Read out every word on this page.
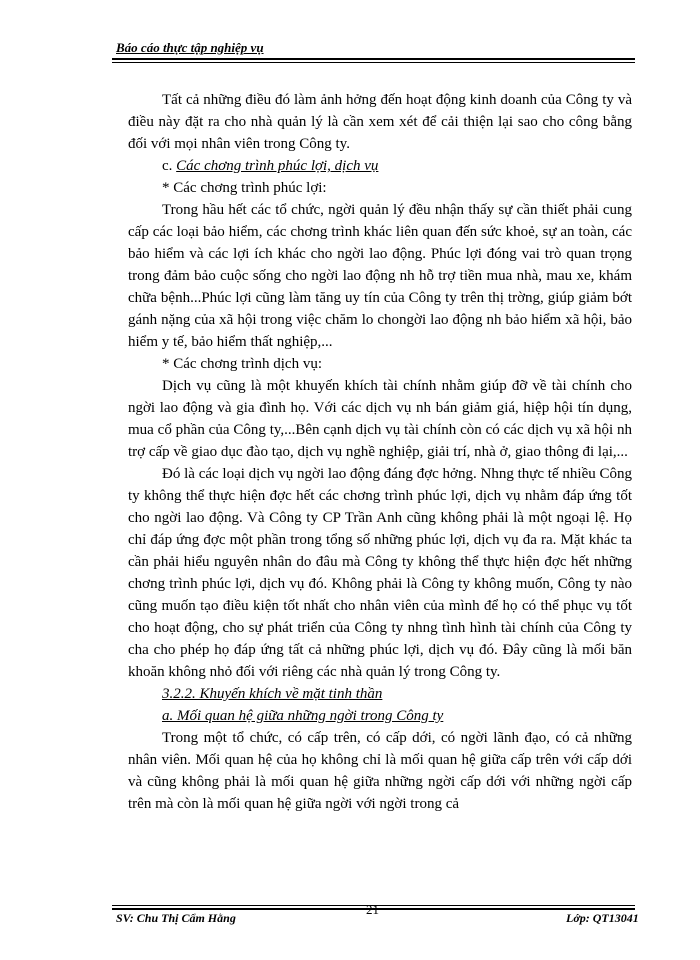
Báo cáo thực tập nghiệp vụ

Tất cả những điều đó làm ảnh hởng đến hoạt động kinh doanh của Công ty và điều này đặt ra cho nhà quản lý là cần xem xét để cải thiện lại sao cho công bằng đối với mọi nhân viên trong Công ty.

c. Các chơng trình phúc lợi, dịch vụ

* Các chơng trình phúc lợi:

Trong hầu hết các tổ chức, ngời quản lý đều nhận thấy sự cần thiết phải cung cấp các loại bảo hiểm, các chơng trình khác liên quan đến sức khoẻ, sự an toàn, các bảo hiểm và các lợi ích khác cho ngời lao động. Phúc lợi đóng vai trò quan trọng trong đảm bảo cuộc sống cho ngời lao động nh hỗ trợ tiền mua nhà, mau xe, khám chữa bệnh...Phúc lợi cũng làm tăng uy tín của Công ty trên thị trờng, giúp giảm bớt gánh nặng của xã hội trong việc chăm lo chongời lao động nh bảo hiểm xã hội, bảo hiểm y tế, bảo hiểm thất nghiệp,...

* Các chơng trình dịch vụ:

Dịch vụ cũng là một khuyến khích tài chính nhằm giúp đỡ về tài chính cho ngời lao động và gia đình họ. Với các dịch vụ nh bán giảm giá, hiệp hội tín dụng, mua cổ phần của Công ty,...Bên cạnh dịch vụ tài chính còn có các dịch vụ xã hội nh trợ cấp về giao dục đào tạo, dịch vụ nghề nghiệp, giải trí, nhà ở, giao thông đi lại,...

Đó là các loại dịch vụ ngời lao động đáng đợc hởng. Nhng thực tế nhiều Công ty không thể thực hiện đợc hết các chơng trình phúc lợi, dịch vụ nhằm đáp ứng tốt cho ngời lao động. Và Công ty CP Trần Anh cũng không phải là một ngoại lệ. Họ chỉ đáp ứng đợc một phần trong tổng số những phúc lợi, dịch vụ đa ra. Mặt khác ta cần phải hiểu nguyên nhân do đâu mà Công ty không thể thực hiện đợc hết những chơng trình phúc lợi, dịch vụ đó. Không phải là Công ty không muốn, Công ty nào cũng muốn tạo điều kiện tốt nhất cho nhân viên của mình để họ có thể phục vụ tốt cho hoạt động, cho sự phát triển của Công ty nhng tình hình tài chính của Công ty cha cho phép họ đáp ứng tất cả những phúc lợi, dịch vụ đó. Đây cũng là mối băn khoăn không nhỏ đối với riêng các nhà quản lý trong Công ty.

3.2.2. Khuyến khích về mặt tinh thần

a. Mối quan hệ giữa những ngời trong Công ty

Trong một tổ chức, có cấp trên, có cấp dới, có ngời lãnh đạo, có cả những nhân viên. Mối quan hệ của họ không chỉ là mối quan hệ giữa cấp trên với cấp dới và cũng không phải là mối quan hệ giữa những ngời cấp dới với những ngời cấp trên mà còn là mối quan hệ giữa ngời với ngời trong cả

SV: Chu Thị Cẩm Hằng
21
Lớp: QT13041
